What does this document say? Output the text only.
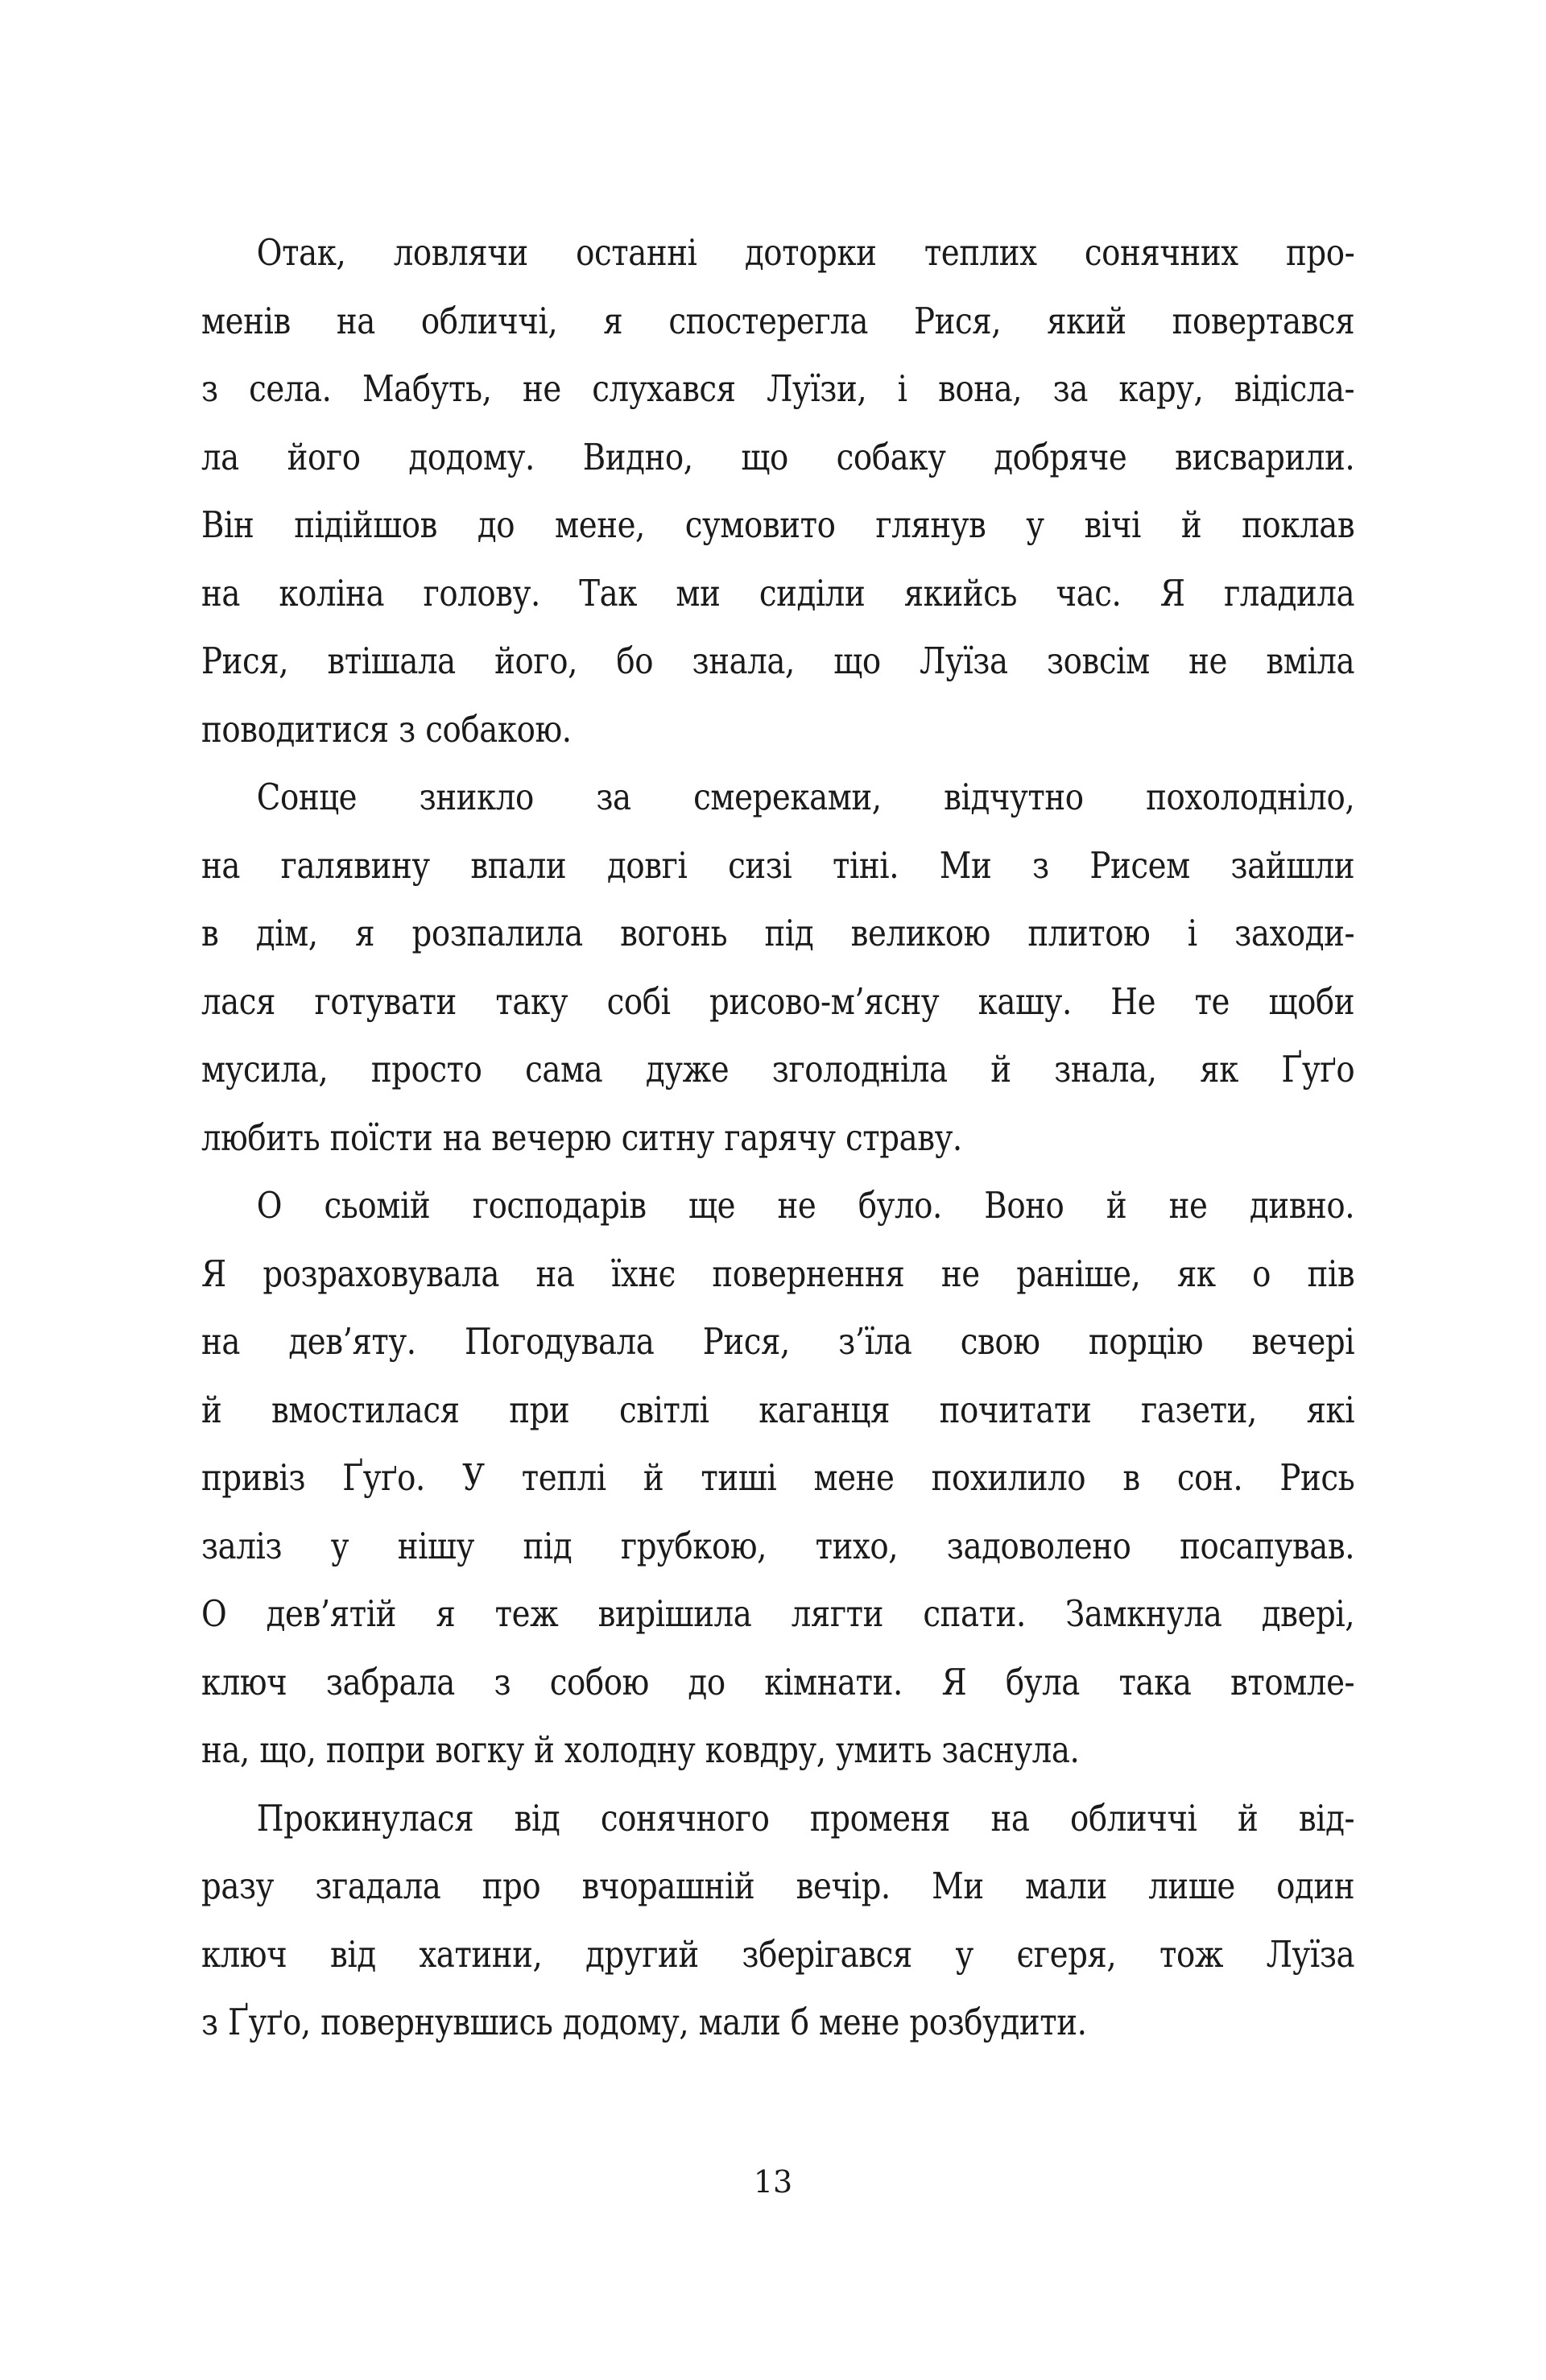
Отак, ловлячи останні доторки теплих сонячних про-
менів на обличчі, я спостерегла Рися, який повертався
з села. Мабуть, не слухався Луїзи, і вона, за кару, відісла-
ла його додому. Видно, що собаку добряче висварили.
Він підійшов до мене, сумовито глянув у вічі й поклав
на коліна голову. Так ми сиділи якийсь час. Я гладила
Рися, втішала його, бо знала, що Луїза зовсім не вміла
поводитися з собакою.
Сонце зникло за смереками, відчутно похолодніло,
на галявину впали довгі сизі тіні. Ми з Рисем зайшли
в дім, я розпалила вогонь під великою плитою і заходи-
лася готувати таку собі рисово-м’ясну кашу. Не те щоби
мусила, просто сама дуже зголодніла й знала, як Ґуґо
любить поїсти на вечерю ситну гарячу страву.
О сьомій господарів ще не було. Воно й не дивно.
Я розраховувала на їхнє повернення не раніше, як о пів
на дев’яту. Погодувала Рися, з’їла свою порцію вечері
й вмостилася при світлі каганця почитати газети, які
привіз Ґуґо. У теплі й тиші мене похилило в сон. Рись
заліз у нішу під грубкою, тихо, задоволено посапував.
О дев’ятій я теж вирішила лягти спати. Замкнула двері,
ключ забрала з собою до кімнати. Я була така втомле-
на, що, попри вогку й холодну ковдру, умить заснула.
Прокинулася від сонячного променя на обличчі й від-
разу згадала про вчорашній вечір. Ми мали лише один
ключ від хатини, другий зберігався у єгеря, тож Луїза
з Ґуґо, повернувшись додому, мали б мене розбудити.
13
